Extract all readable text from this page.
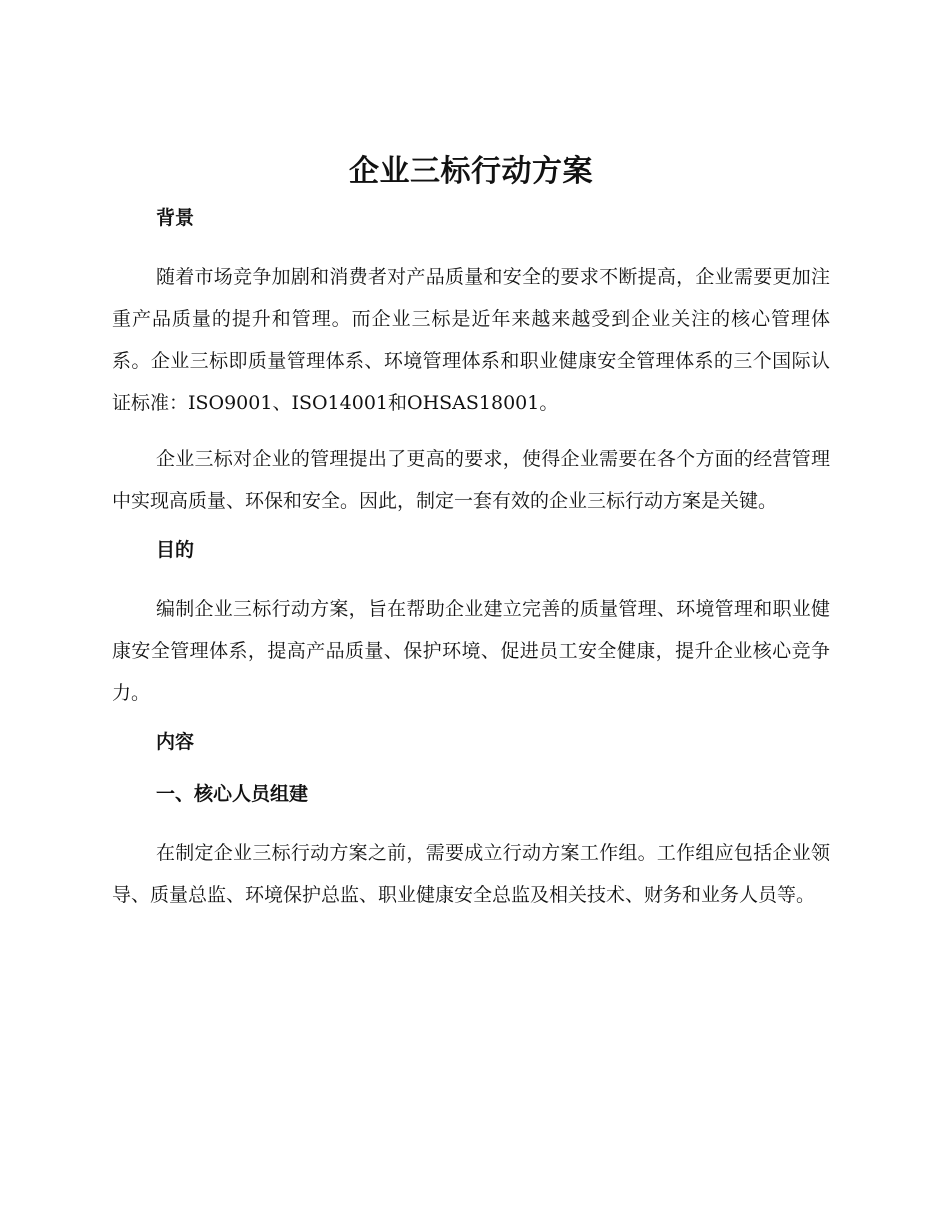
企业三标行动方案
背景

随着市场竞争加剧和消费者对产品质量和安全的要求不断提高，企业需要更加注重产品质量的提升和管理。而企业三标是近年来越来越受到企业关注的核心管理体系。企业三标即质量管理体系、环境管理体系和职业健康安全管理体系的三个国际认证标准：ISO9001、ISO14001和OHSAS18001。

企业三标对企业的管理提出了更高的要求，使得企业需要在各个方面的经营管理中实现高质量、环保和安全。因此，制定一套有效的企业三标行动方案是关键。

目的

编制企业三标行动方案，旨在帮助企业建立完善的质量管理、环境管理和职业健康安全管理体系，提高产品质量、保护环境、促进员工安全健康，提升企业核心竞争力。

内容
一、核心人员组建

在制定企业三标行动方案之前，需要成立行动方案工作组。工作组应包括企业领导、质量总监、环境保护总监、职业健康安全总监及相关技术、财务和业务人员等。
